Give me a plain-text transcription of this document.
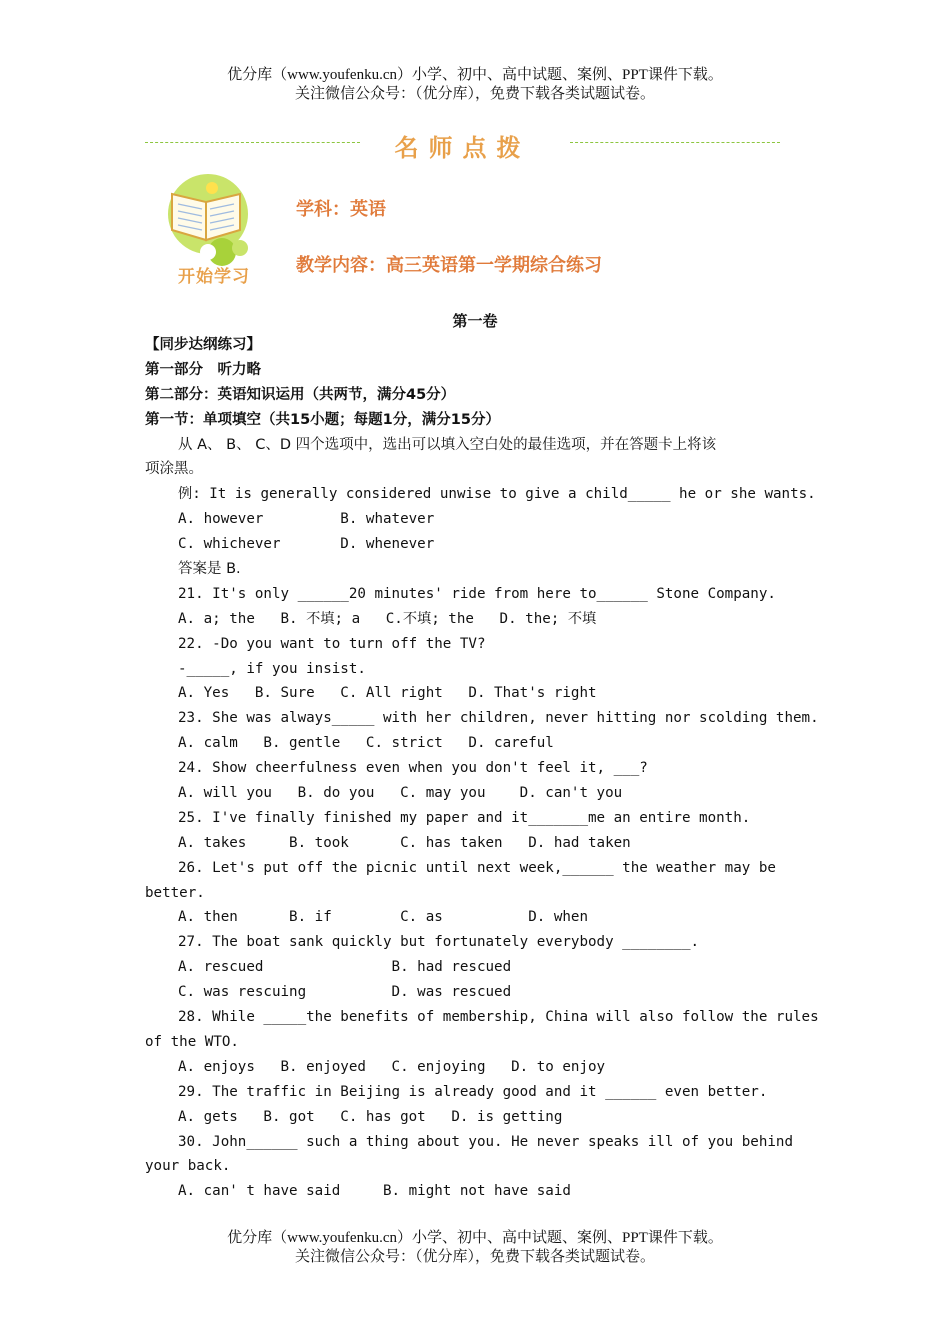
优分库（www.youfenku.cn）小学、初中、高中试题、案例、PPT课件下载。
关注微信公众号：（优分库），免费下载各类试题试卷。
名师点拨
开始学习
学科：英语
教学内容：高三英语第一学期综合练习
第一卷
【同步达纲练习】
第一部分　听力略
第二部分：英语知识运用（共两节，满分45分）
第一节：单项填空（共15小题；每题1分，满分15分）
从 A、 B、 C、D 四个选项中，选出可以填入空白处的最佳选项，并在答题卡上将该
项涂黑。
例: It is generally considered unwise to give a child_____ he or she wants.
A. however         B. whatever
C. whichever       D. whenever
答案是 B.
21. It's only ______20 minutes' ride from here to______ Stone Company.
A. a; the   B. 不填; a   C.不填; the   D. the; 不填
22. -Do you want to turn off the TV?
-_____, if you insist.
A. Yes   B. Sure   C. All right   D. That's right
23. She was always_____ with her children, never hitting nor scolding them.
A. calm   B. gentle   C. strict   D. careful
24. Show cheerfulness even when you don't feel it, ___?
A. will you   B. do you   C. may you    D. can't you
25. I've finally finished my paper and it_______me an entire month.
A. takes     B. took      C. has taken   D. had taken
26. Let's put off the picnic until next week,______ the weather may be
better.
A. then      B. if        C. as          D. when
27. The boat sank quickly but fortunately everybody ________.
A. rescued               B. had rescued
C. was rescuing          D. was rescued
28. While _____the benefits of membership, China will also follow the rules
of the WTO.
A. enjoys   B. enjoyed   C. enjoying   D. to enjoy
29. The traffic in Beijing is already good and it ______ even better.
A. gets   B. got   C. has got   D. is getting
30. John______ such a thing about you. He never speaks ill of you behind
your back.
A. can' t have said     B. might not have said
优分库（www.youfenku.cn）小学、初中、高中试题、案例、PPT课件下载。
关注微信公众号：（优分库），免费下载各类试题试卷。
